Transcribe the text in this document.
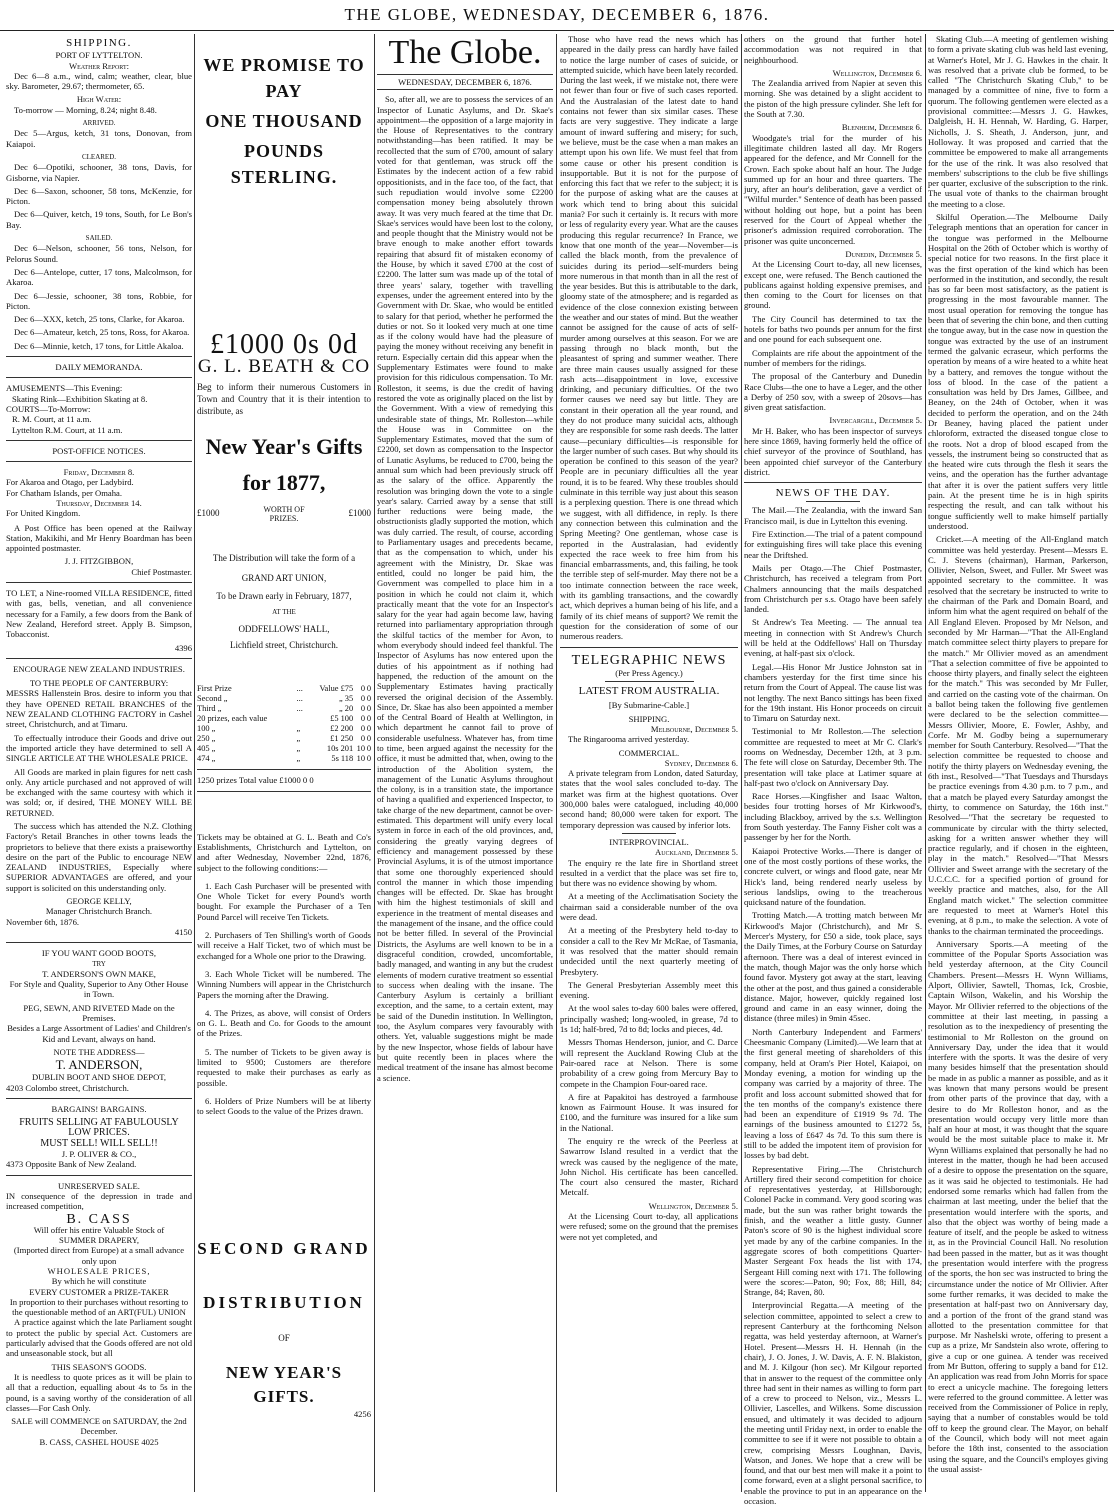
THE GLOBE, WEDNESDAY, DECEMBER 6, 1876.
SHIPPING.
PORT OF LYTTELTON.
Weather Report:

Dec 6—8 a.m., wind, calm; weather, clear, blue sky. Barometer, 29.67; thermometer, 65.

High Water:

To-morrow — Morning, 8.24; night 8.48.

ARRIVED.

Dec 5—Argus, ketch, 31 tons, Donovan, from Kaiapoi.

CLEARED.

Dec 6—Opotiki, schooner, 38 tons, Davis, for Gisborne, via Napier.

Dec 6—Saxon, schooner, 58 tons, McKenzie, for Picton.

Dec 6—Quiver, ketch, 19 tons, South, for Le Bon's Bay.

SAILED.

Dec 6—Nelson, schooner, 56 tons, Nelson, for Pelorus Sound.

Dec 6—Antelope, cutter, 17 tons, Malcolmson, for Akaroa.

Dec 6—Jessie, schooner, 38 tons, Robbie, for Picton.

Dec 6—XXX, ketch, 25 tons, Clarke, for Akaroa.

Dec 6—Amateur, ketch, 25 tons, Ross, for Akaroa.

Dec 6—Minnie, ketch, 17 tons, for Little Akaloa.

DAILY MEMORANDA.
AMUSEMENTS—This Evening:
Skating Rink—Exhibition Skating at 8.
COURTS—To-Morrow:
R. M. Court, at 11 a.m.
Lyttelton R.M. Court, at 11 a.m.
POST-OFFICE NOTICES.
Friday, December 8.
For Akaroa and Otago, per Ladybird.
For Chatham Islands, per Omaha.
Thursday, December 14.
For United Kingdom.

A Post Office has been opened at the Railway Station, Makikihi, and Mr Henry Boardman has been appointed postmaster.

J. J. FITZGIBBON,
Chief Postmaster.

TO LET, a Nine-roomed VILLA RESIDENCE, fitted with gas, bells, venetian, and all convenience necessary for a Family, a few doors from the Bank of New Zealand, Hereford street. Apply B. Simpson, Tobacconist.

4396
ENCOURAGE NEW ZEALAND INDUSTRIES.
TO THE PEOPLE OF CANTERBURY:

MESSRS Hallenstein Bros. desire to inform you that they have OPENED RETAIL BRANCHES of the NEW ZEALAND CLOTHING FACTORY in Cashel street, Christchurch, and at Timaru.

To effectually introduce their Goods and drive out the imported article they have determined to sell A SINGLE ARTICLE AT THE WHOLESALE PRICE.

All Goods are marked in plain figures for nett cash only. Any article purchased and not approved of will be exchanged with the same courtesy with which it was sold; or, if desired, THE MONEY WILL BE RETURNED.

The success which has attended the N.Z. Clothing Factory's Retail Branches in other towns leads the proprietors to believe that there exists a praiseworthy desire on the part of the Public to encourage NEW ZEALAND INDUSTRIES, Especially where SUPERIOR ADVANTAGES are offered, and your support is solicited on this understanding only.

GEORGE KELLY,
Manager Christchurch Branch.
November 6th, 1876.
4150
IF YOU WANT GOOD BOOTS,
TRY
T. ANDERSON'S OWN MAKE,
For Style and Quality, Superior to Any Other House in Town.
PEG, SEWN, AND RIVETED Made on the Premises.
Besides a Large Assortment of Ladies' and Children's Kid and Levant, always on hand.
NOTE THE ADDRESS—
T. ANDERSON,
DUBLIN BOOT AND SHOE DEPOT,
4203 Colombo street, Christchurch.
BARGAINS! BARGAINS.
FRUITS SELLING AT FABULOUSLY
LOW PRICES.
MUST SELL! WILL SELL!!
J. P. OLIVER & CO.,
4373 Opposite Bank of New Zealand.
UNRESERVED SALE.

IN consequence of the depression in trade and increased competition,

B. CASS
Will offer his entire Valuable Stock of
SUMMER DRAPERY,
(Imported direct from Europe) at a small advance only upon
WHOLESALE PRICES,
By which he will constitute
EVERY CUSTOMER a PRIZE-TAKER
In proportion to their purchases without resorting to the questionable method of an ART(FUL) UNION

A practice against which the late Parliament sought to protect the public by special Act. Customers are particularly advised that the Goods offered are not old and unseasonable stock, but all

THIS SEASON'S GOODS.

It is needless to quote prices as it will be plain to all that a reduction, equalling about 4s to 5s in the pound, is a saving worthy of the consideration of all classes—For Cash Only.

SALE will COMMENCE on SATURDAY, the 2nd December.
B. CASS, CASHEL HOUSE 4025
WE PROMISE TO PAY
ONE THOUSAND
POUNDS STERLING.
£1000 0s 0d
G. L. BEATH & CO

Beg to inform their numerous Customers in Town and Country that it is their intention to distribute, as

New Year's Gifts
for 1877,
£1000	WORTH OF
PRIZES.	£1000
The Distribution will take the form of a
GRAND ART UNION,
To be Drawn early in February, 1877,
AT THE
ODDFELLOWS' HALL,
Lichfield street, Christchurch.
First Prize	...	Value £75	0	0
Second „	...	„ 35	0	0
Third „	...	„ 20	0	0
20 prizes, each value		£5 100	0	0
100 „	„	£2 200	0	0
250 „	„	£1 250	0	0
405 „	„	10s 201	10	0
474 „	„	5s 118	10	0
1250 prizes Total value £1000 0 0

Tickets may be obtained at G. L. Beath and Co's Establishments, Christchurch and Lyttelton, on and after Wednesday, November 22nd, 1876, subject to the following conditions:—

1. Each Cash Purchaser will be presented with One Whole Ticket for every Pound's worth bought. For example the Purchaser of a Ten Pound Parcel will receive Ten Tickets.

2. Purchasers of Ten Shilling's worth of Goods will receive a Half Ticket, two of which must be exchanged for a Whole one prior to the Drawing.

3. Each Whole Ticket will be numbered. The Winning Numbers will appear in the Christchurch Papers the morning after the Drawing.

4. The Prizes, as above, will consist of Orders on G. L. Beath and Co. for Goods to the amount of the Prizes.

5. The number of Tickets to be given away is limited to 9500; Customers are therefore requested to make their purchases as early as possible.

6. Holders of Prize Numbers will be at liberty to select Goods to the value of the Prizes drawn.

SECOND GRAND
DISTRIBUTION
OF
NEW YEAR'S GIFTS.
4256
The Globe.
WEDNESDAY, DECEMBER 6, 1876.

So, after all, we are to possess the services of an Inspector of Lunatic Asylums, and Dr. Skae's appointment—the opposition of a large majority in the House of Representatives to the contrary notwithstanding—has been ratified. It may be recollected that the sum of £700, amount of salary voted for that gentleman, was struck off the Estimates by the indecent action of a few rabid oppositionists, and in the face too, of the fact, that such repudiation would involve some £2200 compensation money being absolutely thrown away. It was very much feared at the time that Dr. Skae's services would have been lost to the colony, and people thought that the Ministry would not be brave enough to make another effort towards repairing that absurd fit of mistaken economy of the House, by which it saved £700 at the cost of £2200. The latter sum was made up of the total of three years' salary, together with travelling expenses, under the agreement entered into by the Government with Dr. Skae, who would be entitled to salary for that period, whether he performed the duties or not. So it looked very much at one time as if the colony would have had the pleasure of paying the money without receiving any benefit in return. Especially certain did this appear when the Supplementary Estimates were found to make provision for this ridiculous compensation. To Mr. Rolleston, it seems, is due the credit of having restored the vote as originally placed on the list by the Government. With a view of remedying this undesirable state of things, Mr. Rolleston—while the House was in Committee on the Supplementary Estimates, moved that the sum of £2200, set down as compensation to the Inspector of Lunatic Asylums, be reduced to £700, being the annual sum which had been previously struck off as the salary of the office. Apparently the resolution was bringing down the vote to a single year's salary. Carried away by a sense that still further reductions were being made, the obstructionists gladly supported the motion, which was duly carried. The result, of course, according to Parliamentary usages and precedents became, that as the compensation to which, under his agreement with the Ministry, Dr. Skae was entitled, could no longer be paid him, the Government was compelled to place him in a position in which he could not claim it, which practically meant that the vote for an Inspector's salary for the year had again become law, having returned into parliamentary appropriation through the skilful tactics of the member for Avon, to whom everybody should indeed feel thankful. The Inspector of Asylums has now entered upon the duties of his appointment as if nothing had happened, the reduction of the amount on the Supplementary Estimates having practically reversed the original decision of the Assembly. Since, Dr. Skae has also been appointed a member of the Central Board of Health at Wellington, in which department he cannot fail to prove of considerable usefulness. Whatever has, from time to time, been argued against the necessity for the office, it must be admitted that, when, owing to the introduction of the Abolition system, the management of the Lunatic Asylums throughout the colony, is in a transition state, the importance of having a qualified and experienced Inspector, to take charge of the new department, cannot be over-estimated. This department will unify every local system in force in each of the old provinces, and, considering the greatly varying degrees of efficiency and management possessed by these Provincial Asylums, it is of the utmost importance that some one thoroughly experienced should control the manner in which those impending changes will be effected. Dr. Skae has brought with him the highest testimonials of skill and experience in the treatment of mental diseases and the management of the insane, and the office could not be better filled. In several of the Provincial Districts, the Asylums are well known to be in a disgraceful condition, crowded, uncomfortable, badly managed, and wanting in any but the crudest elements of modern curative treatment so essential to success when dealing with the insane. The Canterbury Asylum is certainly a brilliant exception, and the same, to a certain extent, may be said of the Dunedin institution. In Wellington, too, the Asylum compares very favourably with others. Yet, valuable suggestions might be made by the new Inspector, whose fields of labour have but quite recently been in places where the medical treatment of the insane has almost become a science.

Those who have read the news which has appeared in the daily press can hardly have failed to notice the large number of cases of suicide, or attempted suicide, which have been lately recorded. During the last week, if we mistake not, there were not fewer than four or five of such cases reported. And the Australasian of the latest date to hand contains not fewer than six similar cases. These facts are very suggestive. They indicate a large amount of inward suffering and misery; for such, we believe, must be the case when a man makes an attempt upon his own life. We must feel that from some cause or other his present condition is insupportable. But it is not for the purpose of enforcing this fact that we refer to the subject; it is for the purpose of asking what are the causes at work which tend to bring about this suicidal mania? For such it certainly is. It recurs with more or less of regularity every year. What are the causes producing this regular recurrence? In France, we know that one month of the year—November—is called the black month, from the prevalence of suicides during its period—self-murders being more numerous in that month than in all the rest of the year besides. But this is attributable to the dark, gloomy state of the atmosphere; and is regarded as evidence of the close connexion existing between the weather and our states of mind. But the weather cannot be assigned for the cause of acts of self-murder among ourselves at this season. For we are passing through no black month, but the pleasantest of spring and summer weather. There are three main causes usually assigned for these rash acts—disappointment in love, excessive drinking, and pecuniary difficulties. Of the two former causes we need say but little. They are constant in their operation all the year round, and they do not produce many suicidal acts, although they are responsible for some rash deeds. The latter cause—pecuniary difficulties—is responsible for the larger number of such cases. But why should its operation be confined to this season of the year? People are in pecuniary difficulties all the year round, it is to be feared. Why these troubles should culminate in this terrible way just about this season is a perplexing question. There is one thread which we suggest, with all diffidence, in reply. Is there any connection between this culmination and the Spring Meeting? One gentleman, whose case is reported in the Australasian, had evidently expected the race week to free him from his financial embarrassments, and, this failing, he took the terrible step of self-murder. May there not be a too intimate connection between the race week, with its gambling transactions, and the cowardly act, which deprives a human being of his life, and a family of its chief means of support? We remit the question for the consideration of some of our numerous readers.

TELEGRAPHIC NEWS
(Per Press Agency.)
LATEST FROM AUSTRALIA.
[By Submarine-Cable.]
SHIPPING.
Melbourne, December 5.

The Ringarooma arrived yesterday.

COMMERCIAL.
Sydney, December 6.

A private telegram from London, dated Saturday, states that the wool sales concluded to-day. The market was firm at the highest quotations. Over 300,000 bales were catalogued, including 40,000 second hand; 80,000 were taken for export. The temporary depression was caused by inferior lots.

INTERPROVINCIAL.
Auckland, December 5.

The enquiry re the late fire in Shortland street resulted in a verdict that the place was set fire to, but there was no evidence showing by whom.

At a meeting of the Acclimatisation Society the chairman said a considerable number of the ova were dead.

At a meeting of the Presbytery held to-day to consider a call to the Rev Mr McRae, of Tasmania, it was resolved that the matter should remain undecided until the next quarterly meeting of Presbytery.

The General Presbyterian Assembly meet this evening.

At the wool sales to-day 600 bales were offered, principally washed; long-wooled, in grease, 7d to 1s 1d; half-bred, 7d to 8d; locks and pieces, 4d.

Messrs Thomas Henderson, junior, and C. Darce will represent the Auckland Rowing Club at the Pair-oared race at Nelson. There is some probability of a crew going from Mercury Bay to compete in the Champion Four-oared race.

A fire at Papakitoi has destroyed a farmhouse known as Fairmount House. It was insured for £100, and the furniture was insured for a like sum in the National.

The enquiry re the wreck of the Peerless at Sawarrow Island resulted in a verdict that the wreck was caused by the negligence of the mate, John Nichol. His certificate has been cancelled. The court also censured the master, Richard Metcalf.

Wellington, December 5.

At the Licensing Court to-day, all applications were refused; some on the ground that the premises were not yet completed, and

others on the ground that further hotel accommodation was not required in that neighbourhood.

Wellington, December 6.

The Zealandia arrived from Napier at seven this morning. She was detained by a slight accident to the piston of the high pressure cylinder. She left for the South at 7.30.

Blenheim, December 6.

Woodgate's trial for the murder of his illegitimate children lasted all day. Mr Rogers appeared for the defence, and Mr Connell for the Crown. Each spoke about half an hour. The Judge summed up for an hour and three quarters. The jury, after an hour's deliberation, gave a verdict of "Wilful murder." Sentence of death has been passed without holding out hope, but a point has been reserved for the Court of Appeal whether the prisoner's admission required corroboration. The prisoner was quite unconcerned.

Dunedin, December 5.

At the Licensing Court to-day, all new licenses, except one, were refused. The Bench cautioned the publicans against holding expensive premises, and then coming to the Court for licenses on that ground.

The City Council has determined to tax the hotels for baths two pounds per annum for the first and one pound for each subsequent one.

Complaints are rife about the appointment of the number of members for the ridings.

The proposal of the Canterbury and Dunedin Race Clubs—the one to have a Leger, and the other a Derby of 250 sov, with a sweep of 20sovs—has given great satisfaction.

Invercargill, December 5.

Mr H. Baker, who has been inspector of surveys here since 1869, having formerly held the office of chief surveyor of the province of Southland, has been appointed chief surveyor of the Canterbury district.

NEWS OF THE DAY.

The Mail.—The Zealandia, with the inward San Francisco mail, is due in Lyttelton this evening.

Fire Extinction.—The trial of a patent compound for extinguishing fires will take place this evening near the Driftshed.

Mails per Otago.—The Chief Postmaster, Christchurch, has received a telegram from Port Chalmers announcing that the mails despatched from Christchurch per s.s. Otago have been safely landed.

St Andrew's Tea Meeting. — The annual tea meeting in connection with St Andrew's Church will be held at the Oddfellows' Hall on Thursday evening, at half-past six o'clock.

Legal.—His Honor Mr Justice Johnston sat in chambers yesterday for the first time since his return from the Court of Appeal. The cause list was not lengthy. The next Banco sittings has been fixed for the 19th instant. His Honor proceeds on circuit to Timaru on Saturday next.

Testimonial to Mr Rolleston.—The selection committee are requested to meet at Mr C. Clark's rooms on Wednesday, December 12th, at 3 p.m. The fete will close on Saturday, December 9th. The presentation will take place at Latimer square at half-past two o'clock on Anniversary Day.

Race Horses.—Kingfisher and Isaac Walton, besides four trotting horses of Mr Kirkwood's, including Blackboy, arrived by the s.s. Wellington from South yesterday. The Fanny Fisher colt was a passenger by her for the North.

Kaiapoi Protective Works.—There is danger of one of the most costly portions of these works, the concrete culvert, or wings and flood gate, near Mr Hick's land, being rendered nearly useless by serious landslips, owing to the treacherous quicksand nature of the foundation.

Trotting Match.—A trotting match between Mr Kirkwood's Major (Christchurch), and Mr S. Mercer's Mystery, for £50 a side, took place, says the Daily Times, at the Forbury Course on Saturday afternoon. There was a deal of interest evinced in the match, though Major was the only horse which found favor. Mystery got away at the start, leaving the other at the post, and thus gained a considerable distance. Major, however, quickly regained lost ground and came in an easy winner, doing the distance (three miles) in 9min 45sec.

North Canterbury Independent and Farmers' Cheesmanic Company (Limited).—We learn that at the first general meeting of shareholders of this company, held at Oram's Pier Hotel, Kaiapoi, on Monday evening, a motion for winding up the company was carried by a majority of three. The profit and loss account submitted showed that for the ten months of the company's existence there had been an expenditure of £1919 9s 7d. The earnings of the business amounted to £1272 5s, leaving a loss of £647 4s 7d. To this sum there is still to be added the impotent item of provision for losses by bad debt.

Representative Firing.—The Christchurch Artillery fired their second competition for choice of representatives yesterday, at Hillsborough; Colonel Packe in command. Very good scoring was made, but the sun was rather bright towards the finish, and the weather a little gusty. Gunner Paton's score of 90 is the highest individual score yet made by any of the carbine companies. In the aggregate scores of both competitions Quarter-Master Sergeant Fox heads the list with 174, Sergeant Hill coming next with 171. The following were the scores:—Paton, 90; Fox, 88; Hill, 84; Strange, 84; Raven, 80.

Interprovincial Regatta.—A meeting of the selection committee, appointed to select a crew to represent Canterbury at the forthcoming Nelson regatta, was held yesterday afternoon, at Warner's Hotel. Present—Messrs H. H. Hennah (in the chair), J. O. Jones, J. W. Davis, A. F. N. Blakiston, and M. J. Kilgour (hon sec). Mr Kilgour reported that in answer to the request of the committee only three had sent in their names as willing to form part of a crew to proceed to Nelson, viz., Messrs L. Ollivier, Lascelles, and Wilkens. Some discussion ensued, and ultimately it was decided to adjourn the meeting until Friday next, in order to enable the committee to see if it were not possible to obtain a crew, comprising Messrs Loughnan, Davis, Watson, and Jones. We hope that a crew will be found, and that our best men will make it a point to come forward, even at a slight personal sacrifice, to enable the province to put in an appearance on the occasion.

Skating Club.—A meeting of gentlemen wishing to form a private skating club was held last evening, at Warner's Hotel, Mr J. G. Hawkes in the chair. It was resolved that a private club be formed, to be called "The Christchurch Skating Club," to be managed by a committee of nine, five to form a quorum. The following gentlemen were elected as a provisional committee:—Messrs J. G. Hawkes, Dalgleish, H. H. Hennah, W. Harding, G. Harper, Nicholls, J. S. Sheath, J. Anderson, junr, and Holloway. It was proposed and carried that the committee be empowered to make all arrangements for the use of the rink. It was also resolved that members' subscriptions to the club be five shillings per quarter, exclusive of the subscription to the rink. The usual vote of thanks to the chairman brought the meeting to a close.

Skilful Operation.—The Melbourne Daily Telegraph mentions that an operation for cancer in the tongue was performed in the Melbourne Hospital on the 26th of October which is worthy of special notice for two reasons. In the first place it was the first operation of the kind which has been performed in the institution, and secondly, the result has so far been most satisfactory, as the patient is progressing in the most favourable manner. The most usual operation for removing the tongue has been that of severing the chin bone, and then cutting the tongue away, but in the case now in question the tongue was extracted by the use of an instrument termed the galvanic ecraseur, which performs the operation by means of a wire heated to a white heat by a battery, and removes the tongue without the loss of blood. In the case of the patient a consultation was held by Drs James, Gillbee, and Beaney, on the 24th of October, when it was decided to perform the operation, and on the 24th Dr Beaney, having placed the patient under chloroform, extracted the diseased tongue close to the roots. Not a drop of blood escaped from the vessels, the instrument being so constructed that as the heated wire cuts through the flesh it sears the veins, and the operation has the further advantage that after it is over the patient suffers very little pain. At the present time he is in high spirits respecting the result, and can talk without his tongue sufficiently well to make himself partially understood.

Cricket.—A meeting of the All-England match committee was held yesterday. Present—Messrs E. C. J. Stevens (chairman), Harman, Parkerson, Ollivier, Nelson, Sweet, and Fuller. Mr Sweet was appointed secretary to the committee. It was resolved that the secretary be instructed to write to the chairman of the Park and Domain Board, and inform him what the agent required on behalf of the All England Eleven. Proposed by Mr Nelson, and seconded by Mr Harman—"That the All-England match committee select thirty players to prepare for the match." Mr Ollivier moved as an amendment "That a selection committee of five be appointed to choose thirty players, and finally select the eighteen for the match." This was seconded by Mr Fuller, and carried on the casting vote of the chairman. On a ballot being taken the following five gentlemen were declared to be the selection committee—Messrs Ollivier, Moore, E. Fowler, Ashby, and Corfe. Mr M. Godby being a supernumerary member for South Canterbury. Resolved—"That the selection committee be requested to choose and notify the thirty players on Wednesday evening, the 6th inst., Resolved—"That Tuesdays and Thursdays be practice evenings from 4.30 p.m. to 7 p.m., and that a match be played every Saturday amongst the thirty, to commence on Saturday, the 16th inst." Resolved—"That the secretary be requested to communicate by circular with the thirty selected, asking for a written answer whether they will practice regularly, and if chosen in the eighteen, play in the match." Resolved—"That Messrs Ollivier and Sweet arrange with the secretary of the U.C.C.C. for a specified portion of ground for weekly practice and matches, also, for the All England match wicket." The selection committee are requested to meet at Warner's Hotel this evening, at 8 p.m., to make the selection. A vote of thanks to the chairman terminated the proceedings.

Anniversary Sports.—A meeting of the committee of the Popular Sports Association was held yesterday afternoon, at the City Council Chambers. Present—Messrs H. Wynn Williams, Alport, Ollivier, Sawtell, Thomas, Ick, Crosbie, Captain Wilson, Wakelin, and his Worship the Mayor. Mr Ollivier referred to the objections of the committee at their last meeting, in passing a resolution as to the inexpediency of presenting the testimonial to Mr Rolleston on the ground on Anniversary Day, under the idea that it would interfere with the sports. It was the desire of very many besides himself that the presentation should be made in as public a manner as possible, and as it was known that many persons would be present from other parts of the province that day, with a desire to do Mr Rolleston honor, and as the presentation would occupy very little more than half an hour at most, it was thought that the square would be the most suitable place to make it. Mr Wynn Williams explained that personally he had no interest in the matter, though he had been accused of a desire to oppose the presentation on the square, as it was said he objected to testimonials. He had endorsed some remarks which had fallen from the chairman at last meeting, under the belief that the presentation would interfere with the sports, and also that the object was worthy of being made a feature of itself, and the people be asked to witness it, as in the Provincial Council Hall. No resolution had been passed in the matter, but as it was thought the presentation would interfere with the progress of the sports, the hon sec was instructed to bring the circumstance under the notice of Mr Ollivier. After some further remarks, it was decided to make the presentation at half-past two on Anniversary day, and a portion of the front of the grand stand was allotted to the presentation committee for that purpose. Mr Nashelski wrote, offering to present a cup as a prize, Mr Sandstein also wrote, offering to give a cup or one guinea. A tender was received from Mr Button, offering to supply a band for £12. An application was read from John Morris for space to erect a unicycle machine. The foregoing letters were referred to the ground committee. A letter was received from the Commissioner of Police in reply, saying that a number of constables would be told off to keep the ground clear. The Mayor, on behalf of the Council, which body will not meet again before the 18th inst, consented to the association using the square, and the Council's employes giving the usual assist-
